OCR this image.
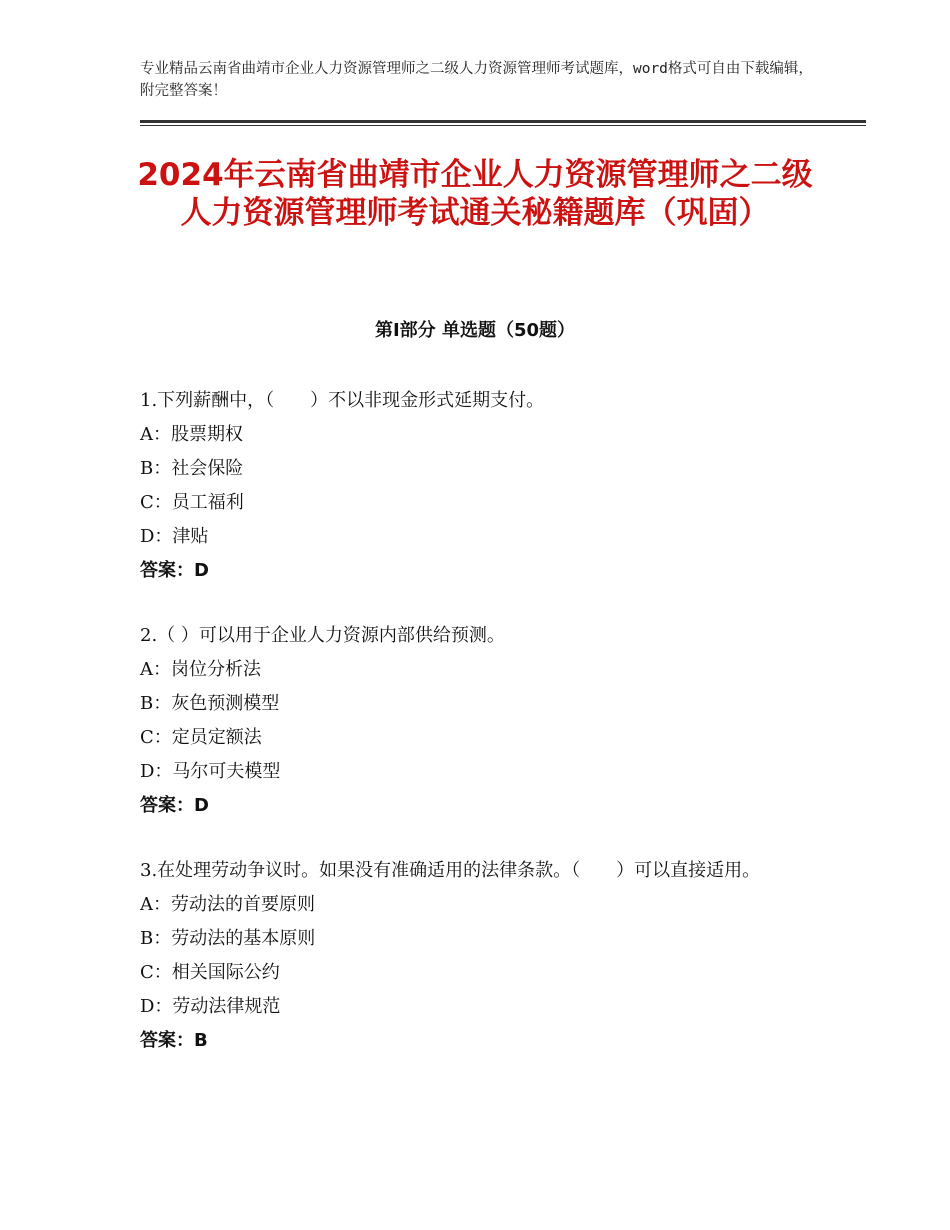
专业精品云南省曲靖市企业人力资源管理师之二级人力资源管理师考试题库，word格式可自由下载编辑，附完整答案！
2024年云南省曲靖市企业人力资源管理师之二级人力资源管理师考试通关秘籍题库（巩固）
第Ⅰ部分 单选题（50题）
1.下列薪酬中，（　　）不以非现金形式延期支付。
A：股票期权
B：社会保险
C：员工福利
D：津贴
答案：D
2.（ ）可以用于企业人力资源内部供给预测。
A：岗位分析法
B：灰色预测模型
C：定员定额法
D：马尔可夫模型
答案：D
3.在处理劳动争议时。如果没有准确适用的法律条款。（　　）可以直接适用。
A：劳动法的首要原则
B：劳动法的基本原则
C：相关国际公约
D：劳动法律规范
答案：B
